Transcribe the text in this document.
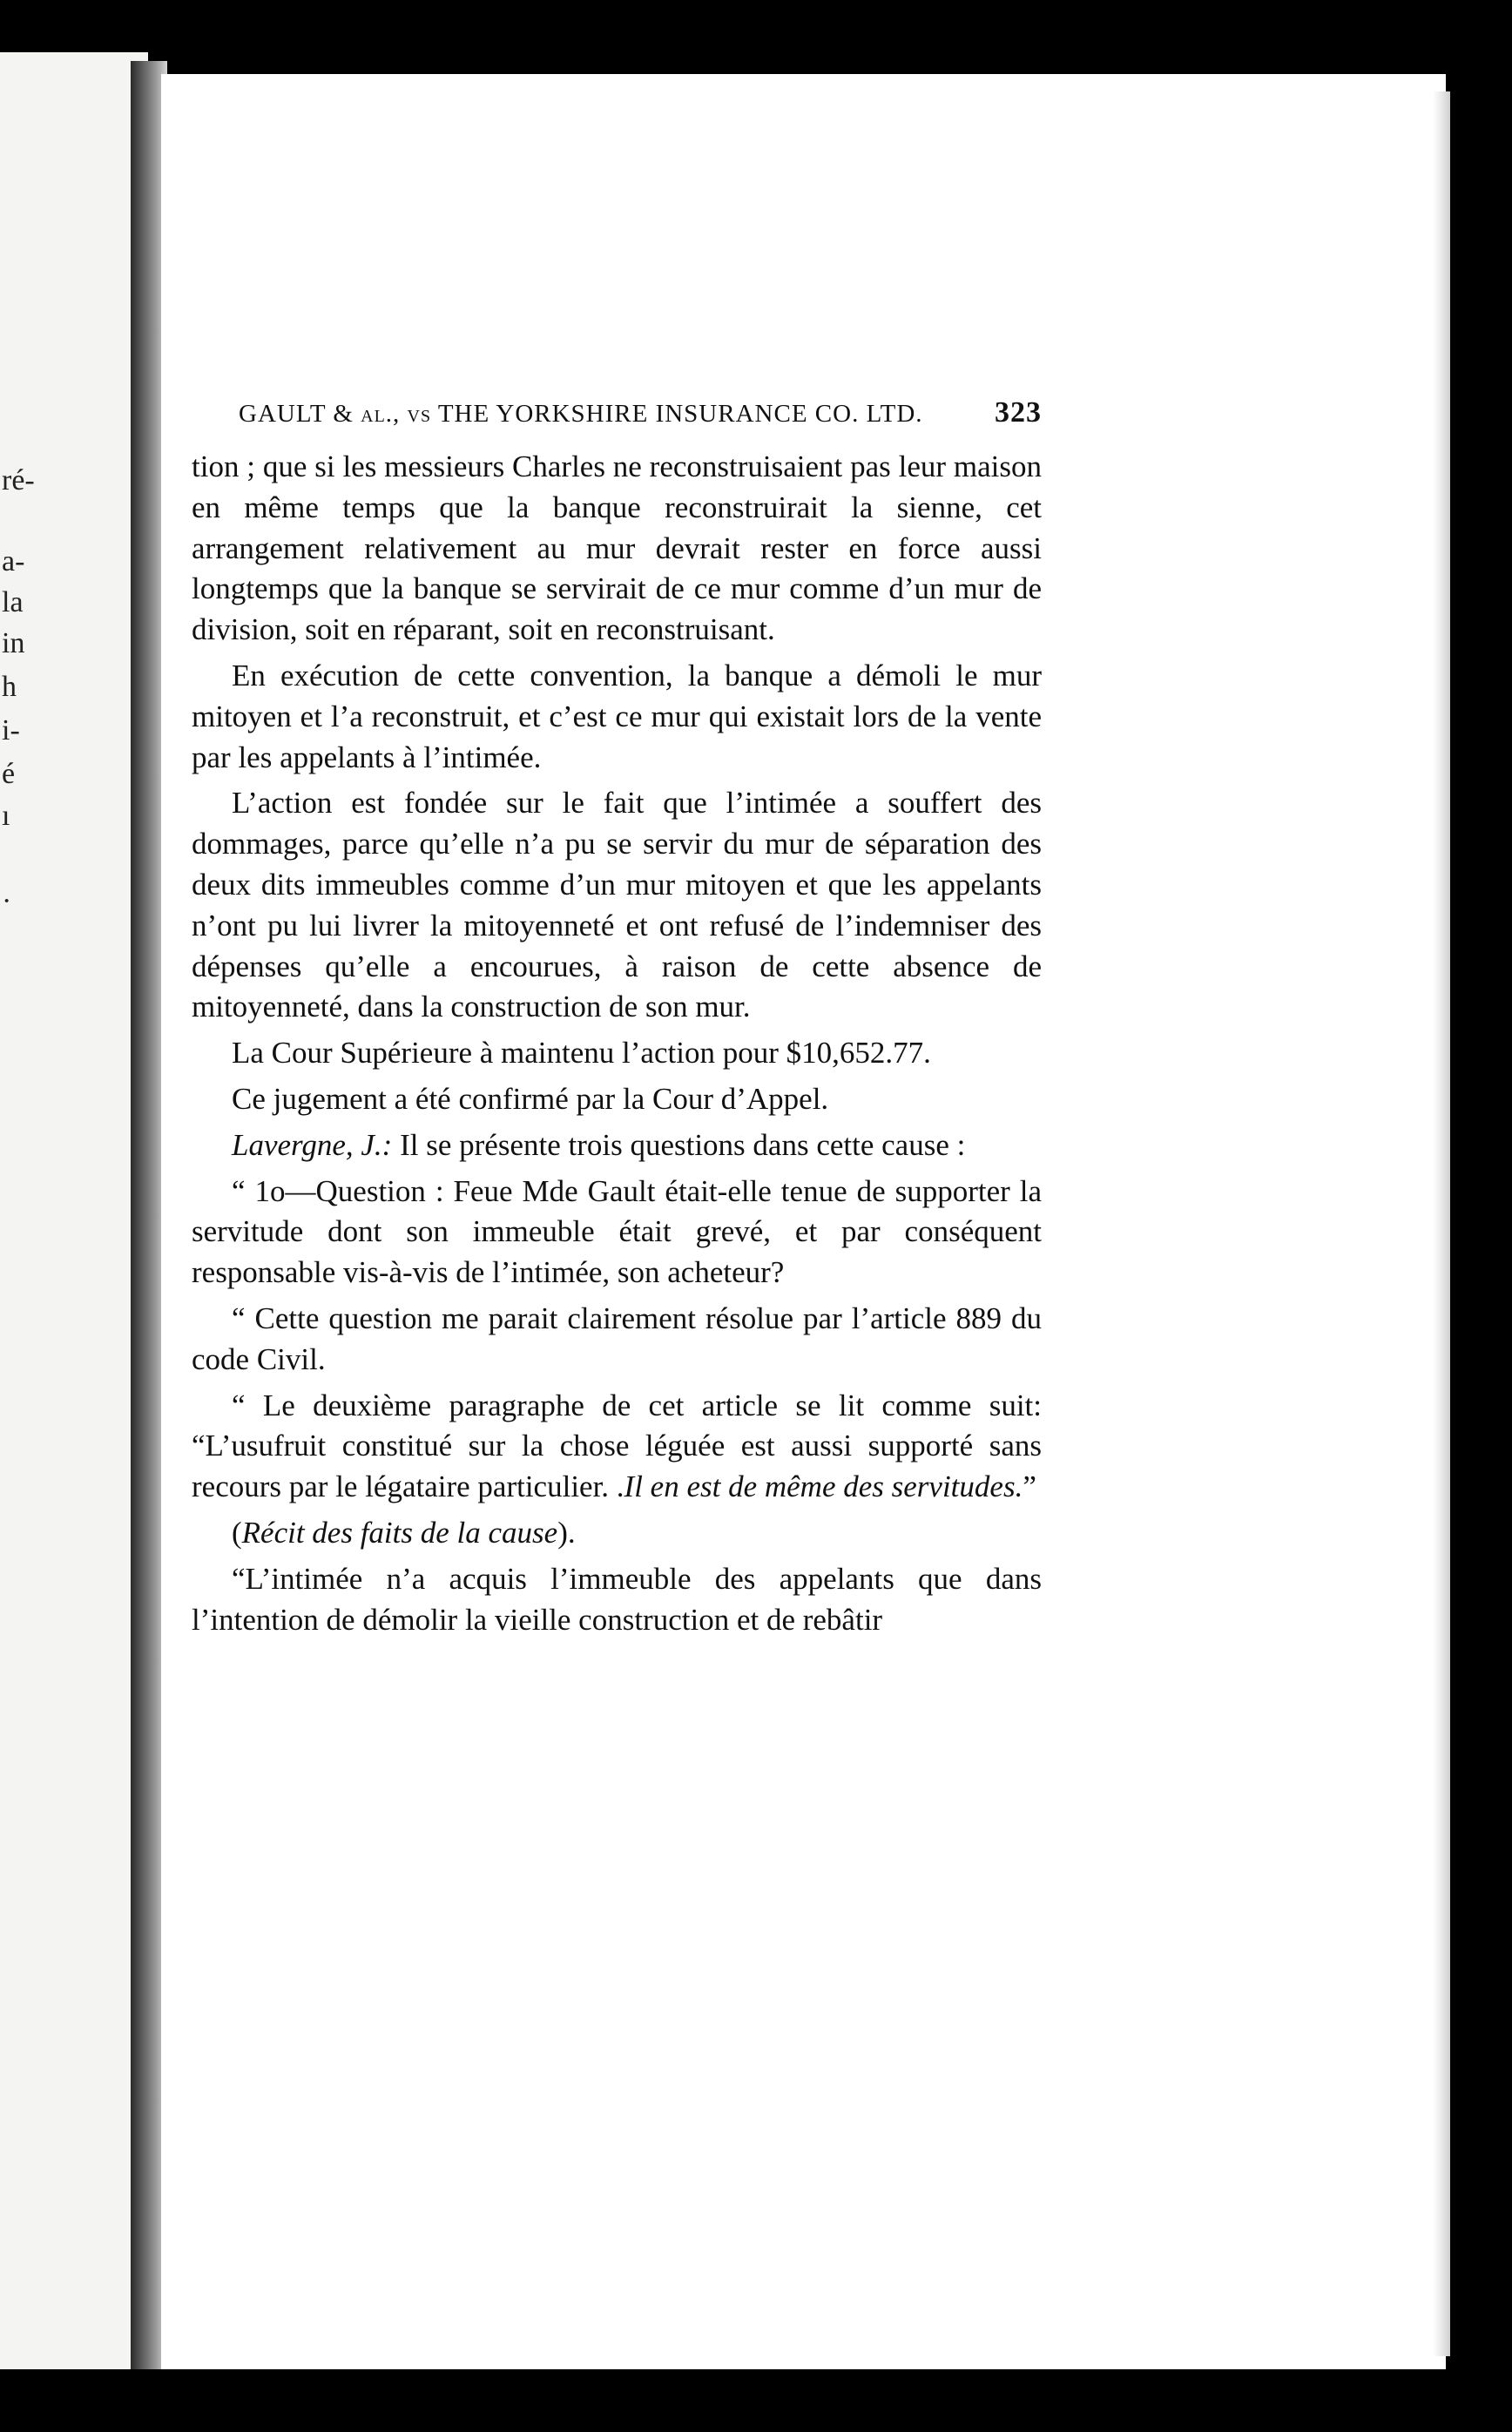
ré-
a-
la
in
h
i-
é
ı
·
GAULT & al., vs THE YORKSHIRE INSURANCE CO. LTD. 323

tion ; que si les messieurs Charles ne reconstruisaient pas leur maison en même temps que la banque reconstruirait la sienne, cet arrangement relativement au mur devrait rester en force aussi longtemps que la banque se servirait de ce mur comme d’un mur de division, soit en réparant, soit en reconstruisant.

En exécution de cette convention, la banque a démoli le mur mitoyen et l’a reconstruit, et c’est ce mur qui existait lors de la vente par les appelants à l’intimée.

L’action est fondée sur le fait que l’intimée a souffert des dommages, parce qu’elle n’a pu se servir du mur de séparation des deux dits immeubles comme d’un mur mitoyen et que les appelants n’ont pu lui livrer la mitoyenneté et ont refusé de l’indemniser des dépenses qu’elle a encourues, à raison de cette absence de mitoyenneté, dans la construction de son mur.

La Cour Supérieure à maintenu l’action pour $10,652.77.

Ce jugement a été confirmé par la Cour d’Appel.

Lavergne, J.: Il se présente trois questions dans cette cause :

“ 1o—Question : Feue Mde Gault était-elle tenue de supporter la servitude dont son immeuble était grevé, et par conséquent responsable vis-à-vis de l’intimée, son acheteur?

“ Cette question me parait clairement résolue par l’article 889 du code Civil.

“ Le deuxième paragraphe de cet article se lit comme suit: “L’usufruit constitué sur la chose léguée est aussi supporté sans recours par le légataire particulier. .Il en est de même des servitudes.”

(Récit des faits de la cause).

“L’intimée n’a acquis l’immeuble des appelants que dans l’intention de démolir la vieille construction et de rebâtir
